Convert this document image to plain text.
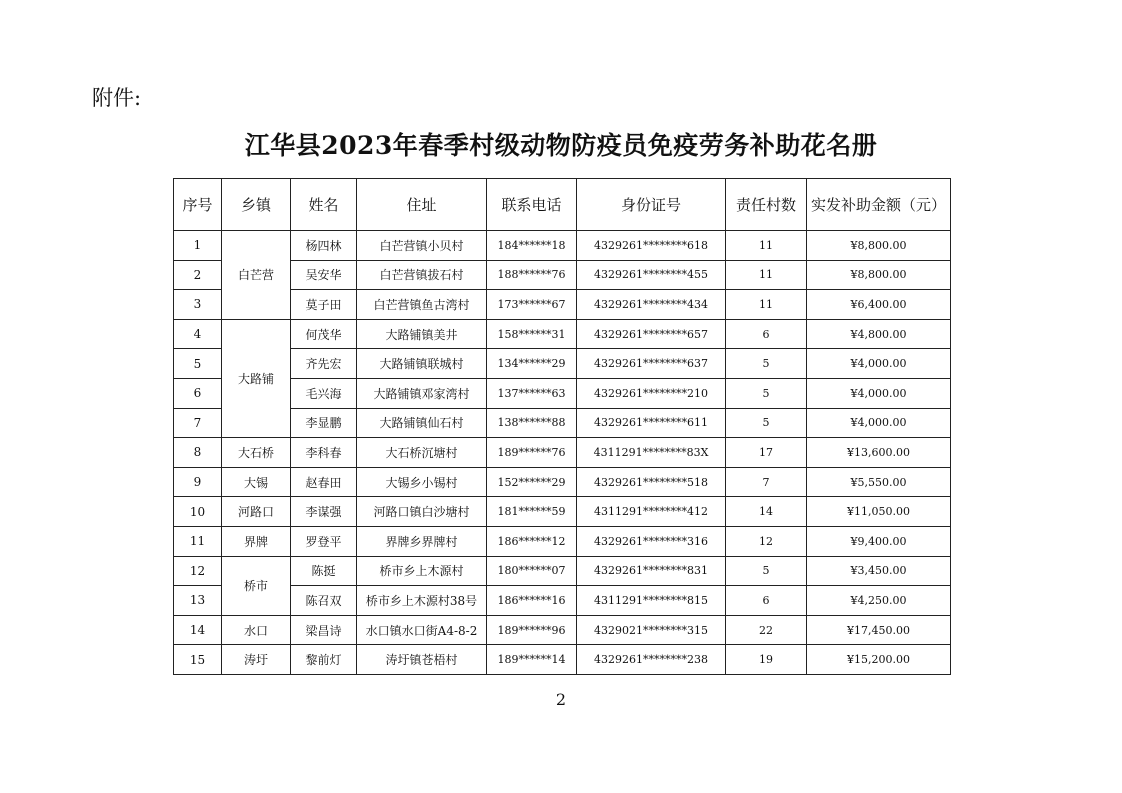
附件:
江华县2023年春季村级动物防疫员免疫劳务补助花名册
序号	乡镇	姓名	住址	联系电话	身份证号	责任村数	实发补助金额（元）
1	白芒营	杨四林	白芒营镇小贝村	184******18	4329261********618	11	¥8,800.00
2		吴安华	白芒营镇拔石村	188******76	4329261********455	11	¥8,800.00
3		莫子田	白芒营镇鱼古湾村	173******67	4329261********434	11	¥6,400.00
4	大路铺	何茂华	大路铺镇美井	158******31	4329261********657	6	¥4,800.00
5		齐先宏	大路铺镇联城村	134******29	4329261********637	5	¥4,000.00
6		毛兴海	大路铺镇邓家湾村	137******63	4329261********210	5	¥4,000.00
7		李显鹏	大路铺镇仙石村	138******88	4329261********611	5	¥4,000.00
8	大石桥	李科春	大石桥沉塘村	189******76	4311291********83X	17	¥13,600.00
9	大锡	赵春田	大锡乡小锡村	152******29	4329261********518	7	¥5,550.00
10	河路口	李谋强	河路口镇白沙塘村	181******59	4311291********412	14	¥11,050.00
11	界牌	罗登平	界牌乡界牌村	186******12	4329261********316	12	¥9,400.00
12	桥市	陈挺	桥市乡上木源村	180******07	4329261********831	5	¥3,450.00
13		陈召双	桥市乡上木源村38号	186******16	4311291********815	6	¥4,250.00
14	水口	梁昌诗	水口镇水口街A4-8-2	189******96	4329021********315	22	¥17,450.00
15	涛圩	黎前灯	涛圩镇苍梧村	189******14	4329261********238	19	¥15,200.00
2
